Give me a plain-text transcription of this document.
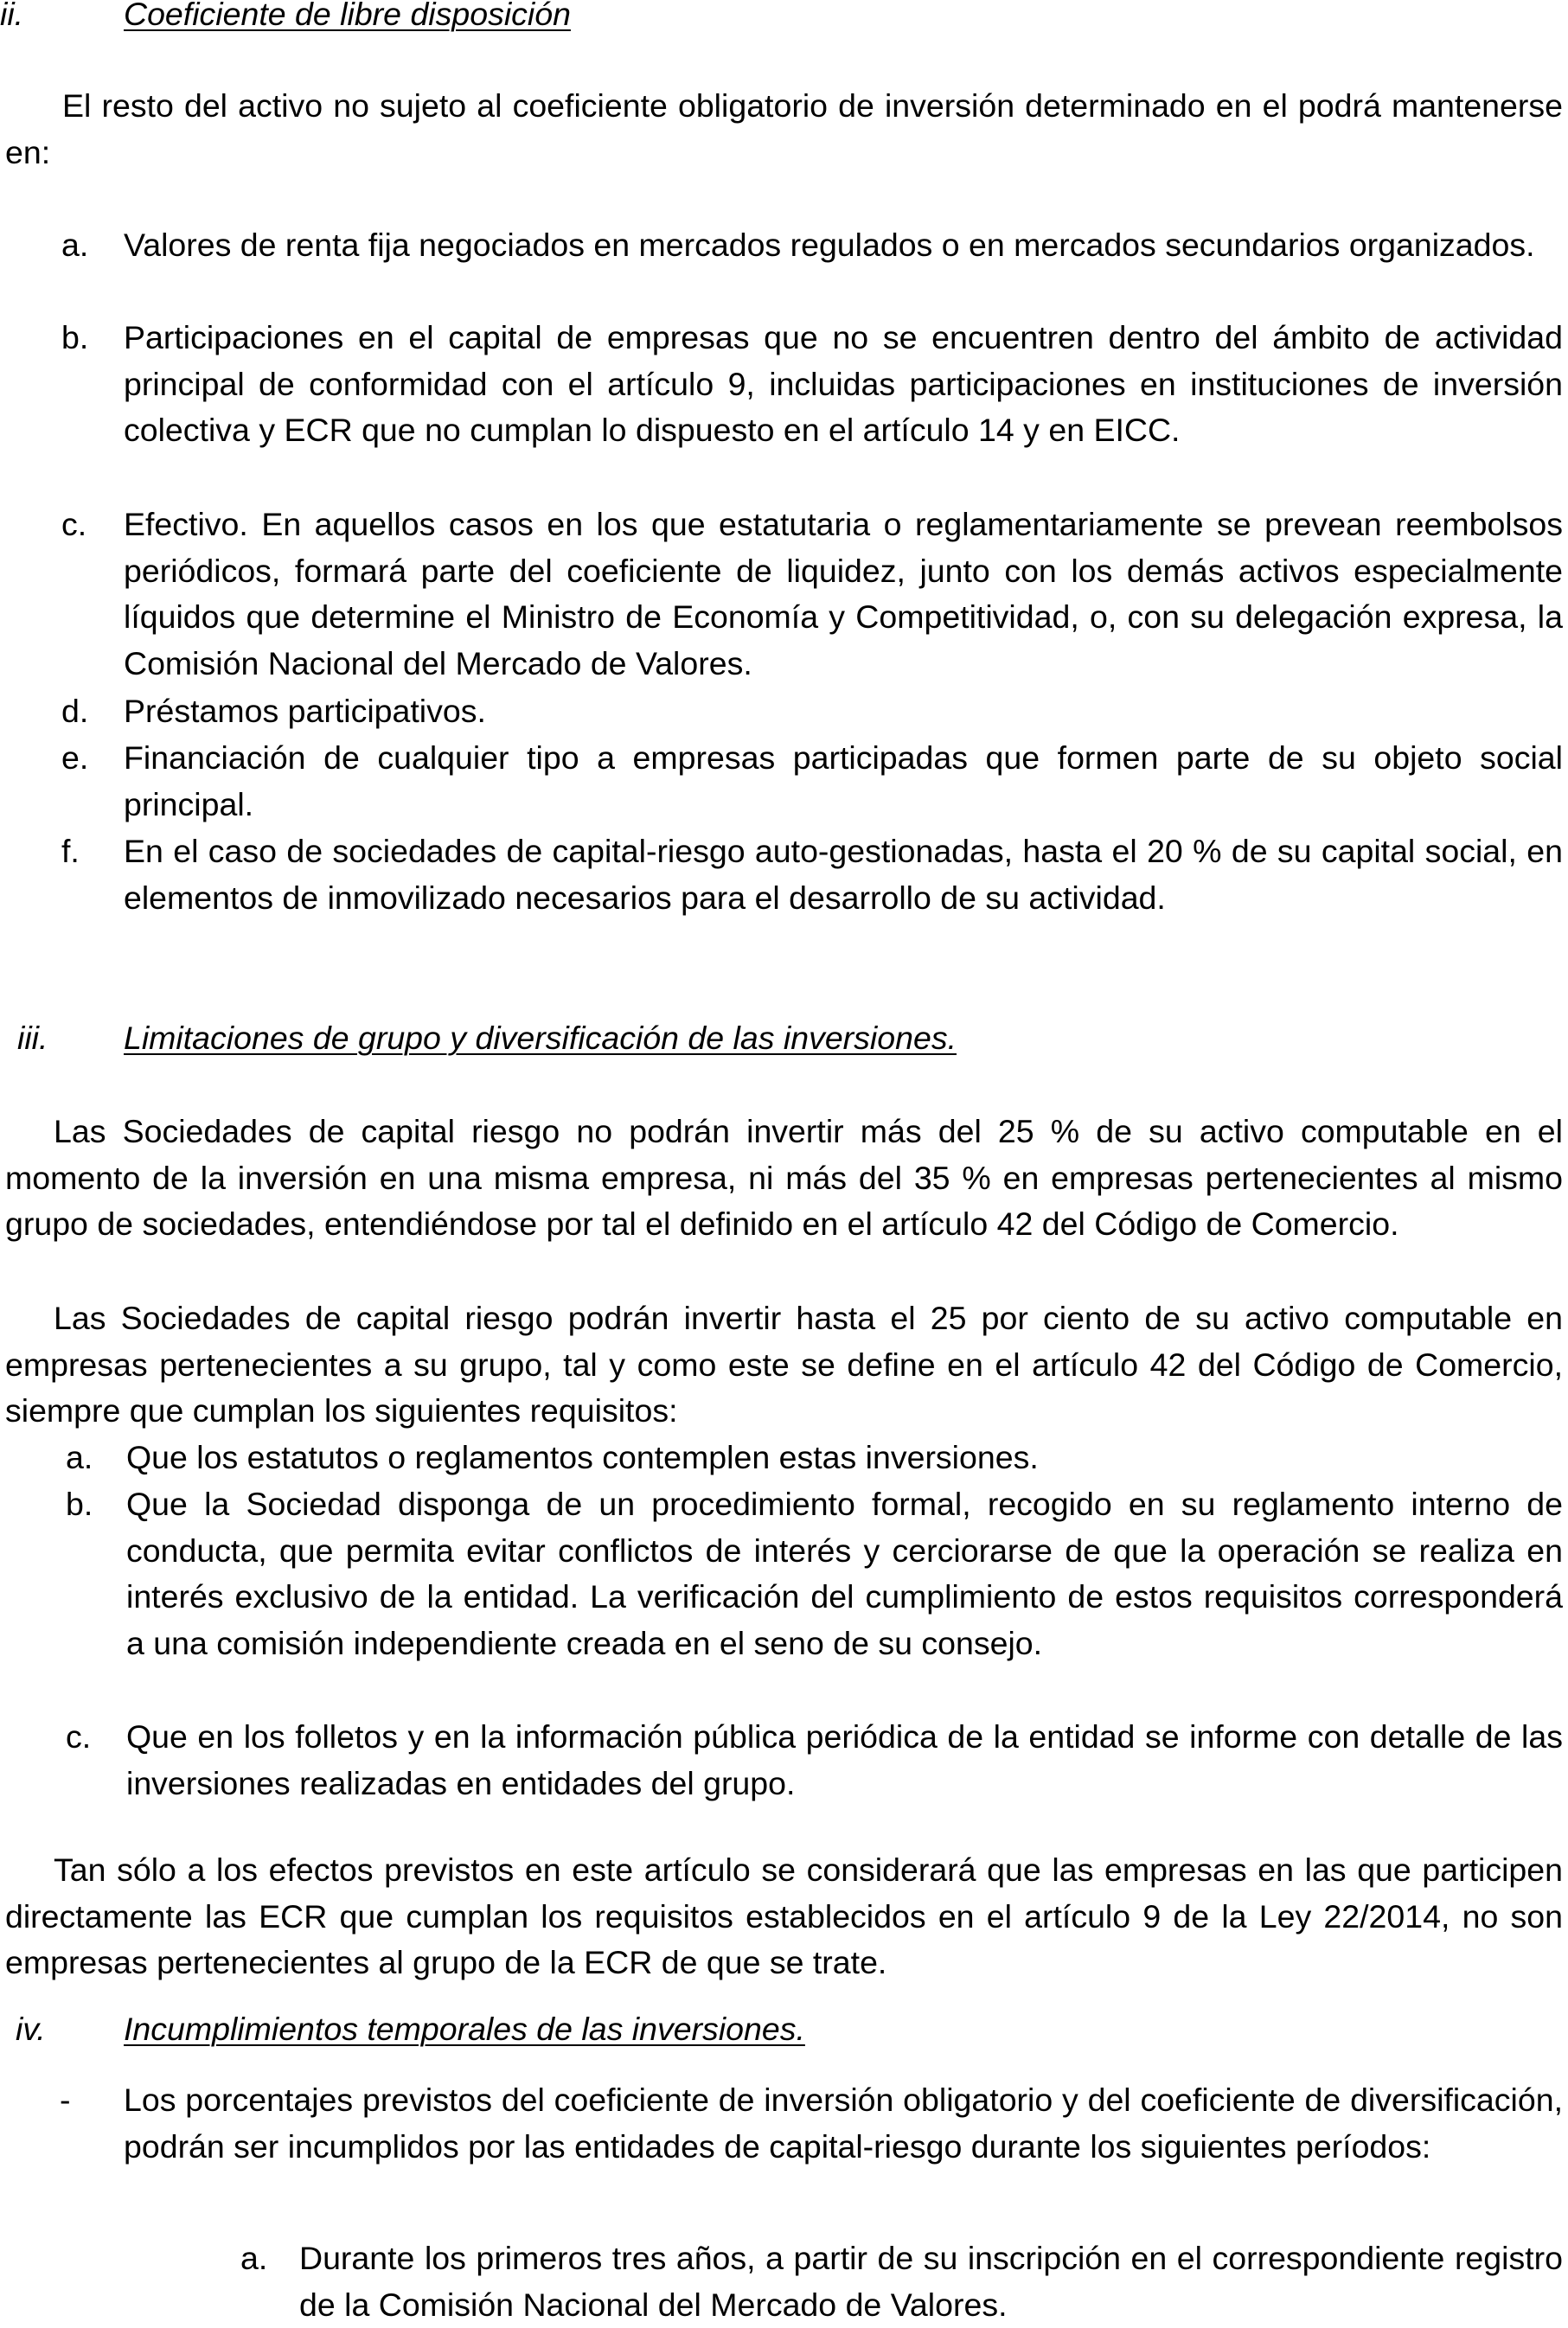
ii.	Coeficiente de libre disposición
El resto del activo no sujeto al coeficiente obligatorio de inversión determinado en el podrá mantenerse en:
a. Valores de renta fija negociados en mercados regulados o en mercados secundarios organizados.
b. Participaciones en el capital de empresas que no se encuentren dentro del ámbito de actividad principal de conformidad con el artículo 9, incluidas participaciones en instituciones de inversión colectiva y ECR que no cumplan lo dispuesto en el artículo 14 y en EICC.
c. Efectivo. En aquellos casos en los que estatutaria o reglamentariamente se prevean reembolsos periódicos, formará parte del coeficiente de liquidez, junto con los demás activos especialmente líquidos que determine el Ministro de Economía y Competitividad, o, con su delegación expresa, la Comisión Nacional del Mercado de Valores.
d. Préstamos participativos.
e. Financiación de cualquier tipo a empresas participadas que formen parte de su objeto social principal.
f. En el caso de sociedades de capital-riesgo auto-gestionadas, hasta el 20 % de su capital social, en elementos de inmovilizado necesarios para el desarrollo de su actividad.
iii. Limitaciones de grupo y diversificación de las inversiones.
Las Sociedades de capital riesgo no podrán invertir más del 25 % de su activo computable en el momento de la inversión en una misma empresa, ni más del 35 % en empresas pertenecientes al mismo grupo de sociedades, entendiéndose por tal el definido en el artículo 42 del Código de Comercio.
Las Sociedades de capital riesgo podrán invertir hasta el 25 por ciento de su activo computable en empresas pertenecientes a su grupo, tal y como este se define en el artículo 42 del Código de Comercio, siempre que cumplan los siguientes requisitos:
a. Que los estatutos o reglamentos contemplen estas inversiones.
b. Que la Sociedad disponga de un procedimiento formal, recogido en su reglamento interno de conducta, que permita evitar conflictos de interés y cerciorarse de que la operación se realiza en interés exclusivo de la entidad. La verificación del cumplimiento de estos requisitos corresponderá a una comisión independiente creada en el seno de su consejo.
c. Que en los folletos y en la información pública periódica de la entidad se informe con detalle de las inversiones realizadas en entidades del grupo.
Tan sólo a los efectos previstos en este artículo se considerará que las empresas en las que participen directamente las ECR que cumplan los requisitos establecidos en el artículo 9 de la Ley 22/2014, no son empresas pertenecientes al grupo de la ECR de que se trate.
iv. Incumplimientos temporales de las inversiones.
- Los porcentajes previstos del coeficiente de inversión obligatorio y del coeficiente de diversificación, podrán ser incumplidos por las entidades de capital-riesgo durante los siguientes períodos:
a. Durante los primeros tres años, a partir de su inscripción en el correspondiente registro de la Comisión Nacional del Mercado de Valores.
